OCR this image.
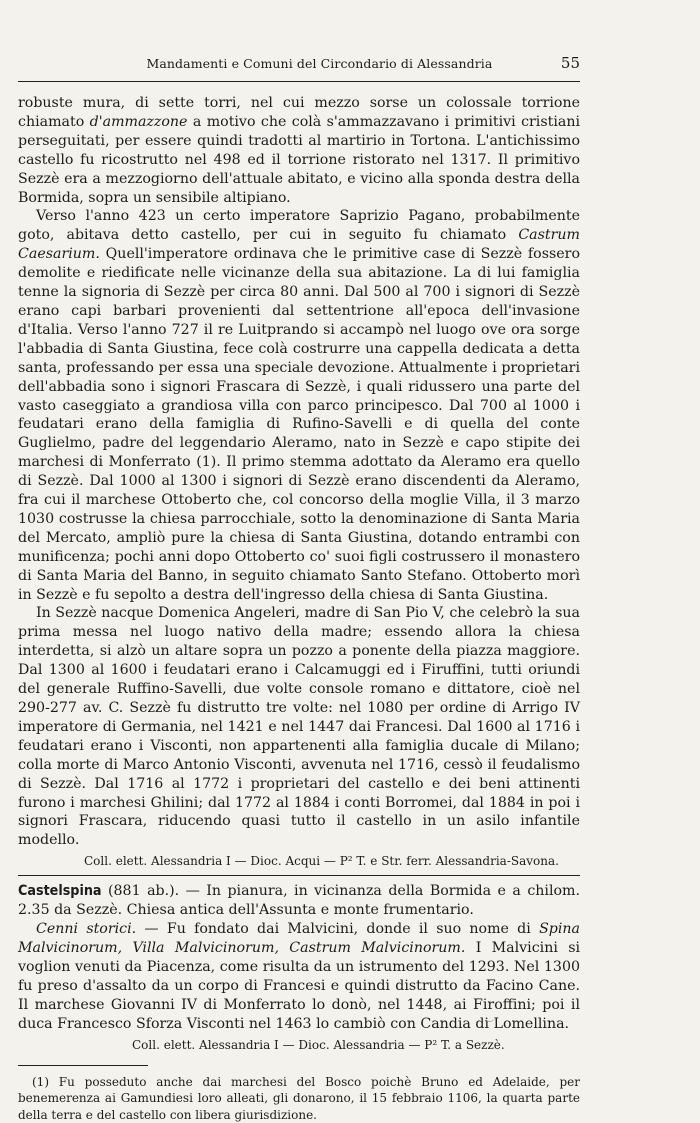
Mandamenti e Comuni del Circondario di Alessandria	55

robuste mura, di sette torri, nel cui mezzo sorse un colossale torrione chiamato d'ammazzone a motivo che colà s'ammazzavano i primitivi cristiani perseguitati, per essere quindi tradotti al martirio in Tortona. L'antichissimo castello fu ricostrutto nel 498 ed il torrione ristorato nel 1317. Il primitivo Sezzè era a mezzogiorno dell'attuale abitato, e vicino alla sponda destra della Bormida, sopra un sensibile altipiano.

Verso l'anno 423 un certo imperatore Saprizio Pagano, probabilmente goto, abitava detto castello, per cui in seguito fu chiamato Castrum Caesarium. Quell'imperatore ordinava che le primitive case di Sezzè fossero demolite e riedificate nelle vicinanze della sua abitazione. La di lui famiglia tenne la signoria di Sezzè per circa 80 anni. Dal 500 al 700 i signori di Sezzè erano capi barbari provenienti dal settentrione all'epoca dell'invasione d'Italia. Verso l'anno 727 il re Luitprando si accampò nel luogo ove ora sorge l'abbadia di Santa Giustina, fece colà costrurre una cappella dedicata a detta santa, professando per essa una speciale devozione. Attualmente i proprietari dell'abbadia sono i signori Frascara di Sezzè, i quali ridussero una parte del vasto caseggiato a grandiosa villa con parco principesco. Dal 700 al 1000 i feudatari erano della famiglia di Rufino-Savelli e di quella del conte Guglielmo, padre del leggendario Aleramo, nato in Sezzè e capo stipite dei marchesi di Monferrato (1). Il primo stemma adottato da Aleramo era quello di Sezzè. Dal 1000 al 1300 i signori di Sezzè erano discendenti da Aleramo, fra cui il marchese Ottoberto che, col concorso della moglie Villa, il 3 marzo 1030 costrusse la chiesa parrocchiale, sotto la denominazione di Santa Maria del Mercato, ampliò pure la chiesa di Santa Giustina, dotando entrambi con munificenza; pochi anni dopo Ottoberto co' suoi figli costrussero il monastero di Santa Maria del Banno, in seguito chiamato Santo Stefano. Ottoberto morì in Sezzè e fu sepolto a destra dell'ingresso della chiesa di Santa Giustina.

In Sezzè nacque Domenica Angeleri, madre di San Pio V, che celebrò la sua prima messa nel luogo nativo della madre; essendo allora la chiesa interdetta, si alzò un altare sopra un pozzo a ponente della piazza maggiore. Dal 1300 al 1600 i feudatari erano i Calcamuggi ed i Firuffini, tutti oriundi del generale Ruffino-Savelli, due volte console romano e dittatore, cioè nel 290-277 av. C. Sezzè fu distrutto tre volte: nel 1080 per ordine di Arrigo IV imperatore di Germania, nel 1421 e nel 1447 dai Francesi. Dal 1600 al 1716 i feudatari erano i Visconti, non appartenenti alla famiglia ducale di Milano; colla morte di Marco Antonio Visconti, avvenuta nel 1716, cessò il feudalismo di Sezzè. Dal 1716 al 1772 i proprietari del castello e dei beni attinenti furono i marchesi Ghilini; dal 1772 al 1884 i conti Borromei, dal 1884 in poi i signori Frascara, riducendo quasi tutto il castello in un asilo infantile modello.

Coll. elett. Alessandria I — Dioc. Acqui — P² T. e Str. ferr. Alessandria-Savona.

Castelspina (881 ab.). — In pianura, in vicinanza della Bormida e a chilom. 2.35 da Sezzè. Chiesa antica dell'Assunta e monte frumentario.

Cenni storici. — Fu fondato dai Malvicini, donde il suo nome di Spina Malvicinorum, Villa Malvicinorum, Castrum Malvicinorum. I Malvicini si voglion venuti da Piacenza, come risulta da un istrumento del 1293. Nel 1300 fu preso d'assalto da un corpo di Francesi e quindi distrutto da Facino Cane. Il marchese Giovanni IV di Monferrato lo donò, nel 1448, ai Firoffini; poi il duca Francesco Sforza Visconti nel 1463 lo cambiò con Candia di Lomellina.

Coll. elett. Alessandria I — Dioc. Alessandria — P² T. a Sezzè.

(1) Fu posseduto anche dai marchesi del Bosco poichè Bruno ed Adelaide, per benemerenza ai Gamundiesi loro alleati, gli donarono, il 15 febbraio 1106, la quarta parte della terra e del castello con libera giurisdizione.
